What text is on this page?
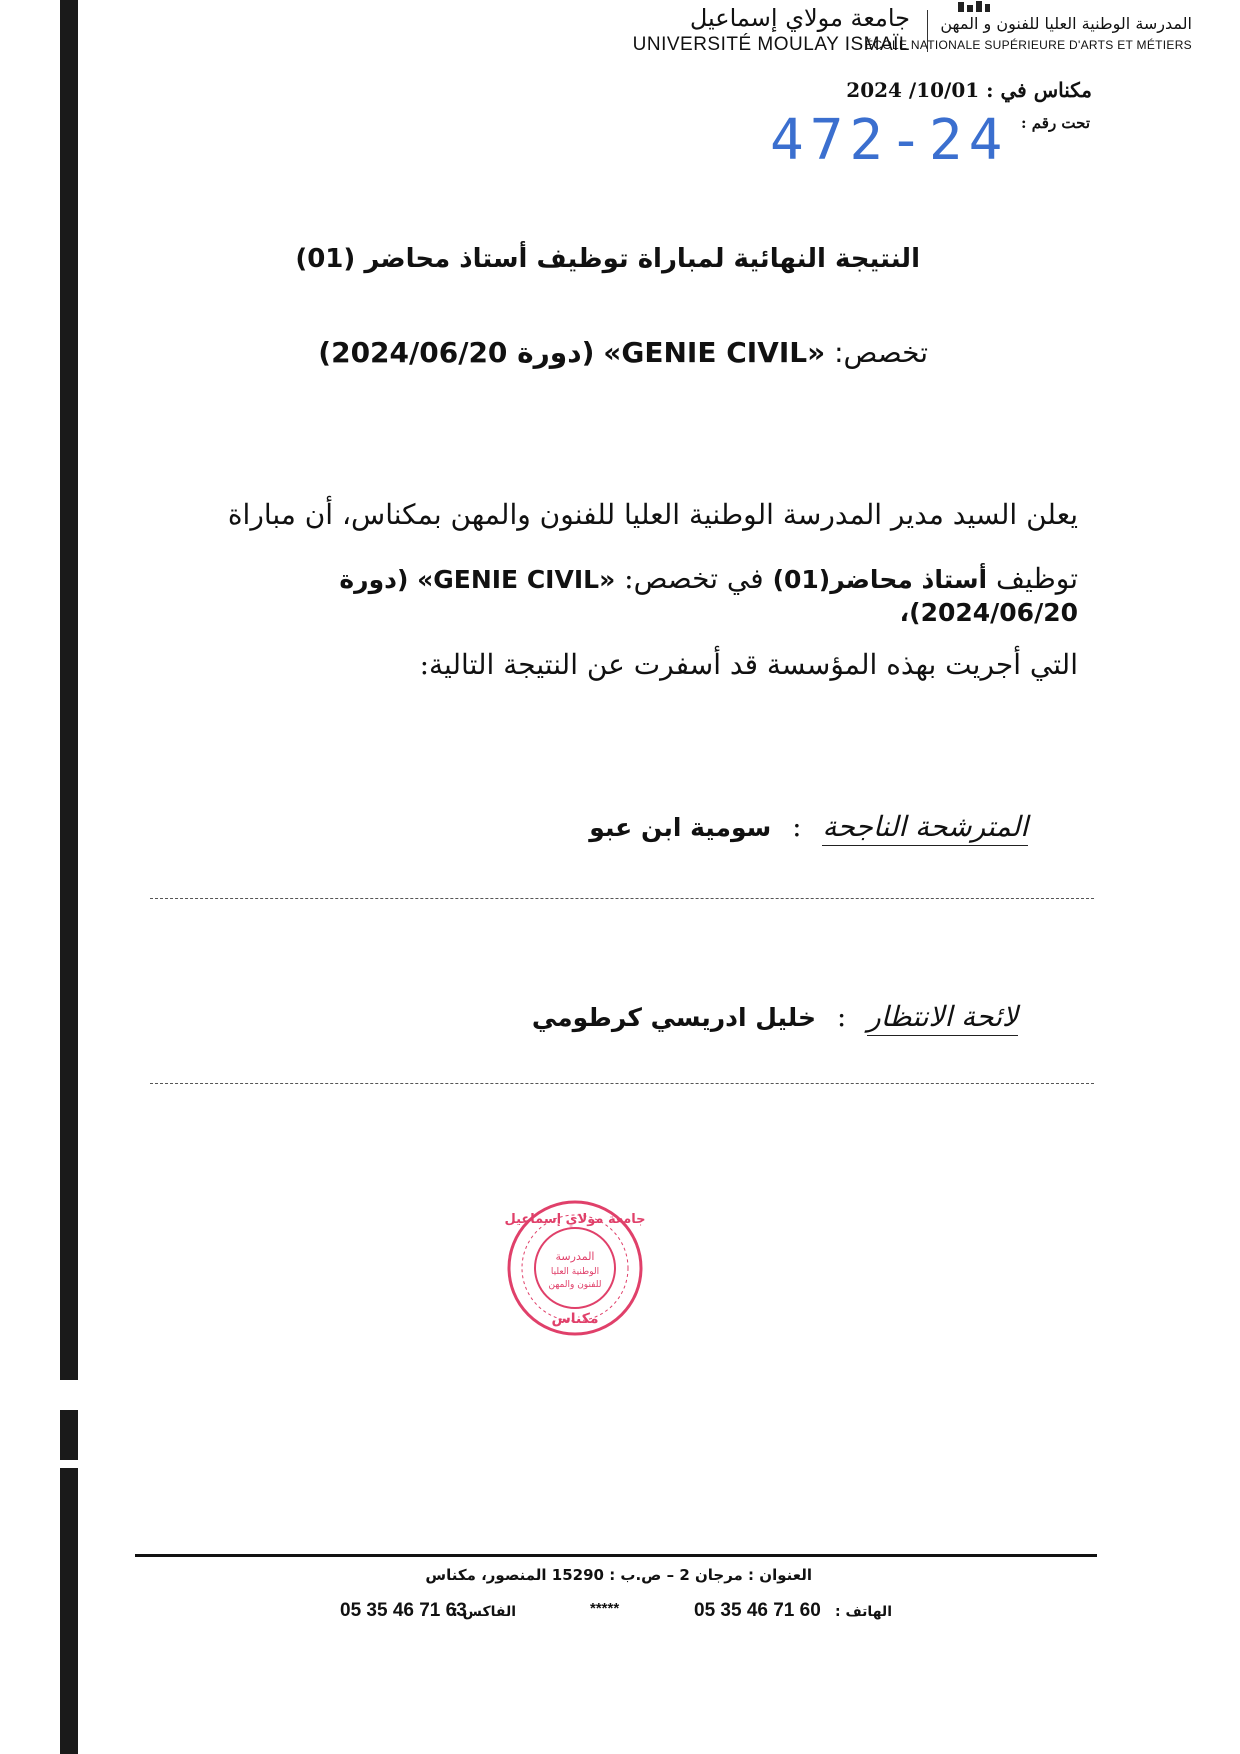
جامعة مولاي إسماعيل
UNIVERSITÉ MOULAY ISMAÏL
المدرسة الوطنية العليا للفنون و المهن
ÉCOLE NATIONALE SUPÉRIEURE D'ARTS ET MÉTIERS
مكناس في : 2024 /10/01
تحت رقم :
472-24
النتيجة النهائية لمباراة توظيف أستاذ محاضر (01)
تخصص: «GENIE CIVIL» (دورة 2024/06/20)
يعلن السيد مدير المدرسة الوطنية العليا للفنون والمهن بمكناس، أن مباراة
توظيف أستاذ محاضر(01) في تخصص: «GENIE CIVIL» (دورة 2024/06/20)،
التي أجريت بهذه المؤسسة قد أسفرت عن النتيجة التالية:
المترشحة الناجحة : سومية ابن عبو
لائحة الانتظار : خليل ادريسي كرطومي
المدرسة
الوطنية العليا
للفنون والمهن
مكناس
جامعة مولاي إسماعيل
العنوان : مرجان 2 – ص.ب : 15290 المنصور، مكناس
الهاتف :
05 35 46 71 60
*****
الفاكس :
05 35 46 71 63
